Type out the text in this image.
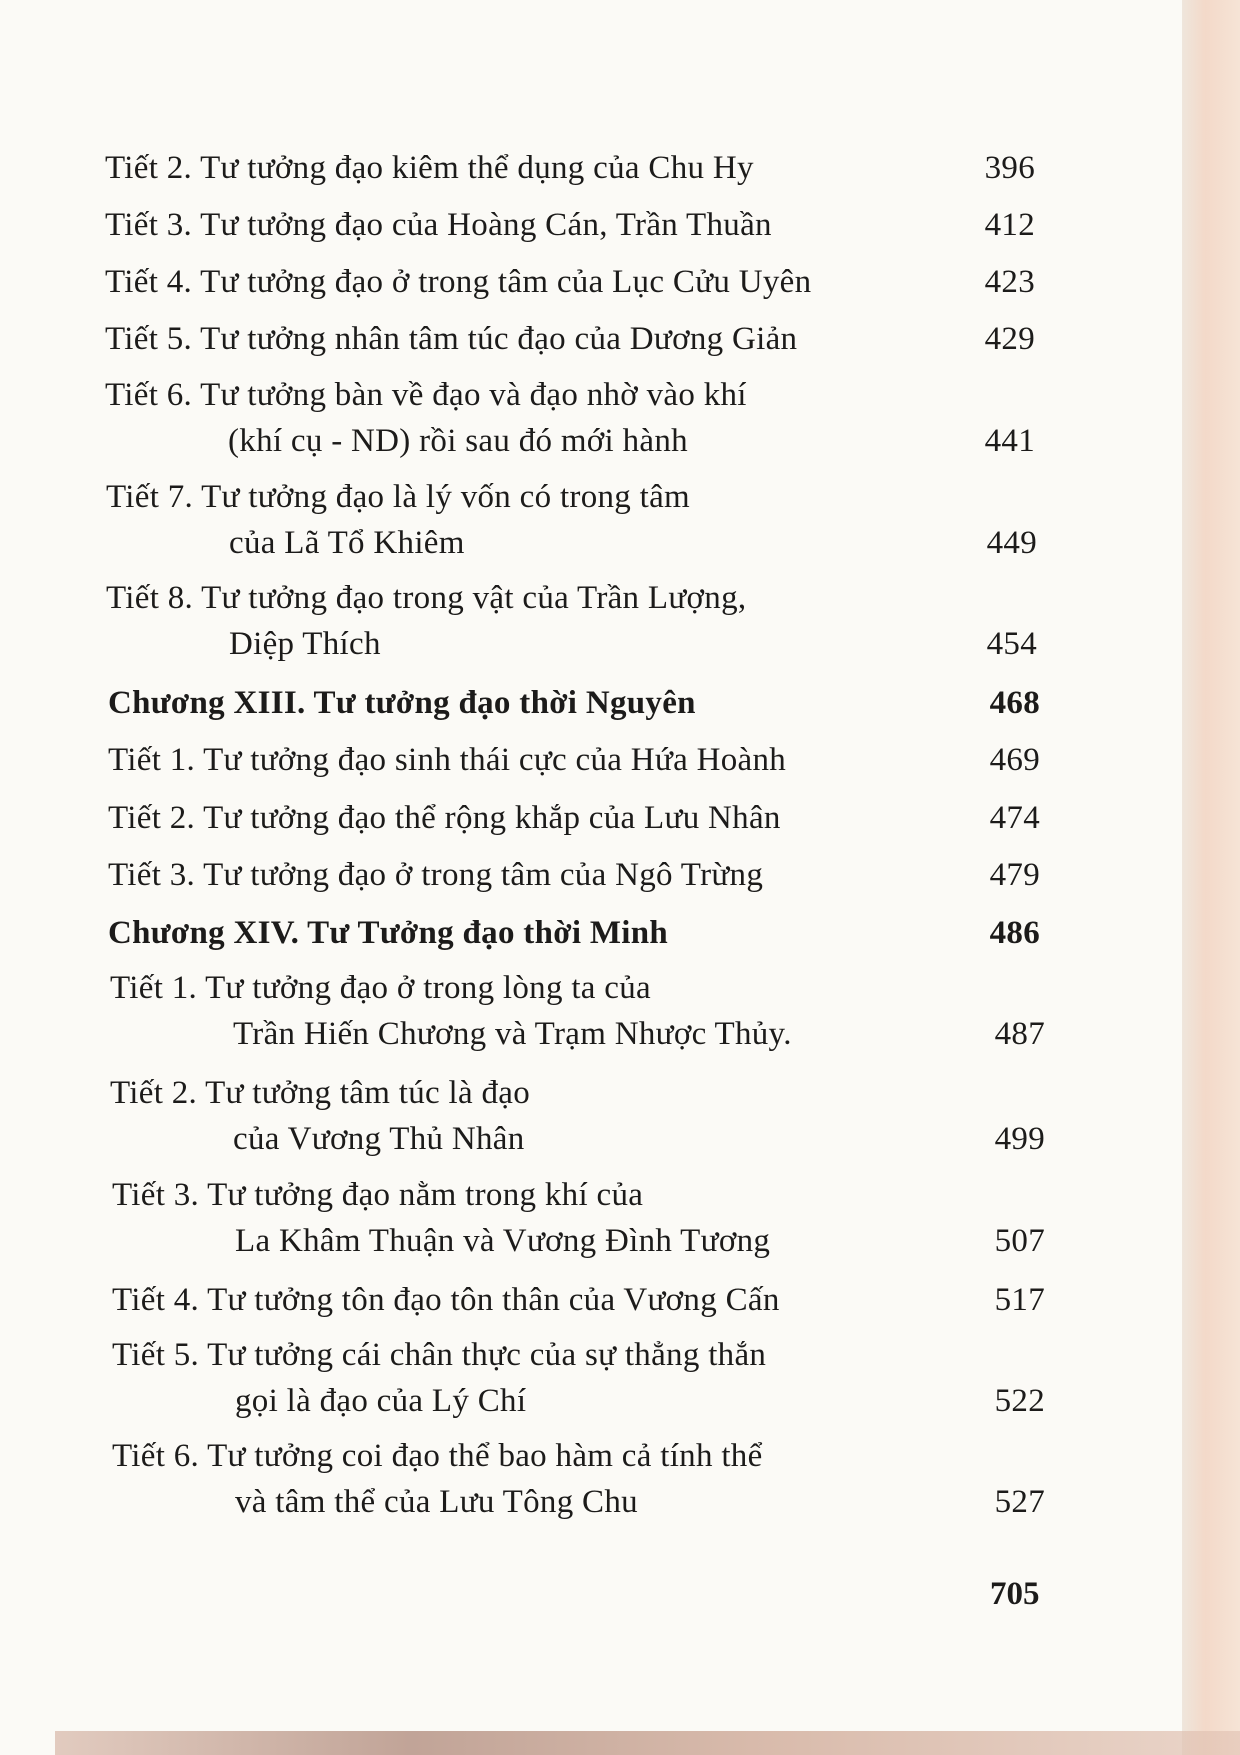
Tiết 2. Tư tưởng đạo kiêm thể dụng của Chu Hy	396
Tiết 3. Tư tưởng đạo của Hoàng Cán, Trần Thuần	412
Tiết 4. Tư tưởng đạo ở trong tâm của Lục Cửu Uyên	423
Tiết 5. Tư tưởng nhân tâm túc đạo của Dương Giản	429
Tiết 6. Tư tưởng bàn về đạo và đạo nhờ vào khí
(khí cụ - ND) rồi sau đó mới hành	441
Tiết 7. Tư tưởng đạo là lý vốn có trong tâm
của Lã Tổ Khiêm	449
Tiết 8. Tư tưởng đạo trong vật của Trần Lượng,
Diệp Thích	454
Chương XIII. Tư tưởng đạo thời Nguyên	468
Tiết 1. Tư tưởng đạo sinh thái cực của Hứa Hoành	469
Tiết 2. Tư tưởng đạo thể rộng khắp của Lưu Nhân	474
Tiết 3. Tư tưởng đạo ở trong tâm của Ngô Trừng	479
Chương XIV. Tư Tưởng đạo thời Minh	486
Tiết 1. Tư tưởng đạo ở trong lòng ta của
Trần Hiến Chương và Trạm Nhược Thủy.	487
Tiết 2. Tư tưởng tâm túc là đạo
của Vương Thủ Nhân	499
Tiết 3. Tư tưởng đạo nằm trong khí của
La Khâm Thuận và Vương Đình Tương	507
Tiết 4. Tư tưởng tôn đạo tôn thân của Vương Cấn	517
Tiết 5. Tư tưởng cái chân thực của sự thẳng thắn
gọi là đạo của Lý Chí	522
Tiết 6. Tư tưởng coi đạo thể bao hàm cả tính thể
và tâm thể của Lưu Tông Chu	527
705
